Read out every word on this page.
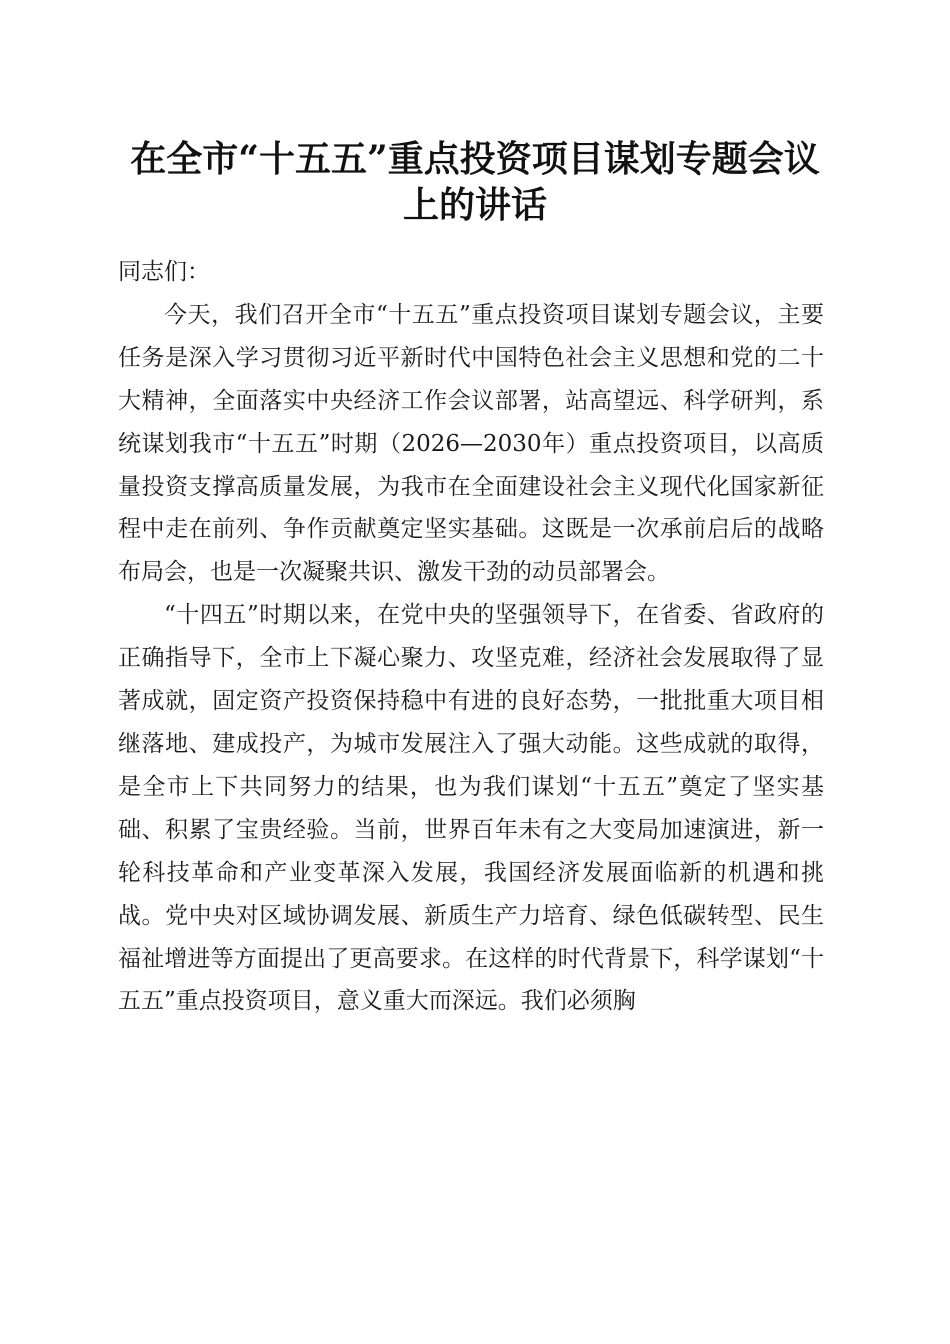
在全市“十五五”重点投资项目谋划专题会议
上的讲话

同志们：

今天，我们召开全市“十五五”重点投资项目谋划专题会议，主要任务是深入学习贯彻习近平新时代中国特色社会主义思想和党的二十大精神，全面落实中央经济工作会议部署，站高望远、科学研判，系统谋划我市“十五五”时期（2026—2030年）重点投资项目，以高质量投资支撑高质量发展，为我市在全面建设社会主义现代化国家新征程中走在前列、争作贡献奠定坚实基础。这既是一次承前启后的战略布局会，也是一次凝聚共识、激发干劲的动员部署会。

“十四五”时期以来，在党中央的坚强领导下，在省委、省政府的正确指导下，全市上下凝心聚力、攻坚克难，经济社会发展取得了显著成就，固定资产投资保持稳中有进的良好态势，一批批重大项目相继落地、建成投产，为城市发展注入了强大动能。这些成就的取得，是全市上下共同努力的结果，也为我们谋划“十五五”奠定了坚实基础、积累了宝贵经验。当前，世界百年未有之大变局加速演进，新一轮科技革命和产业变革深入发展，我国经济发展面临新的机遇和挑战。党中央对区域协调发展、新质生产力培育、绿色低碳转型、民生福祉增进等方面提出了更高要求。在这样的时代背景下，科学谋划“十五五”重点投资项目，意义重大而深远。我们必须胸
